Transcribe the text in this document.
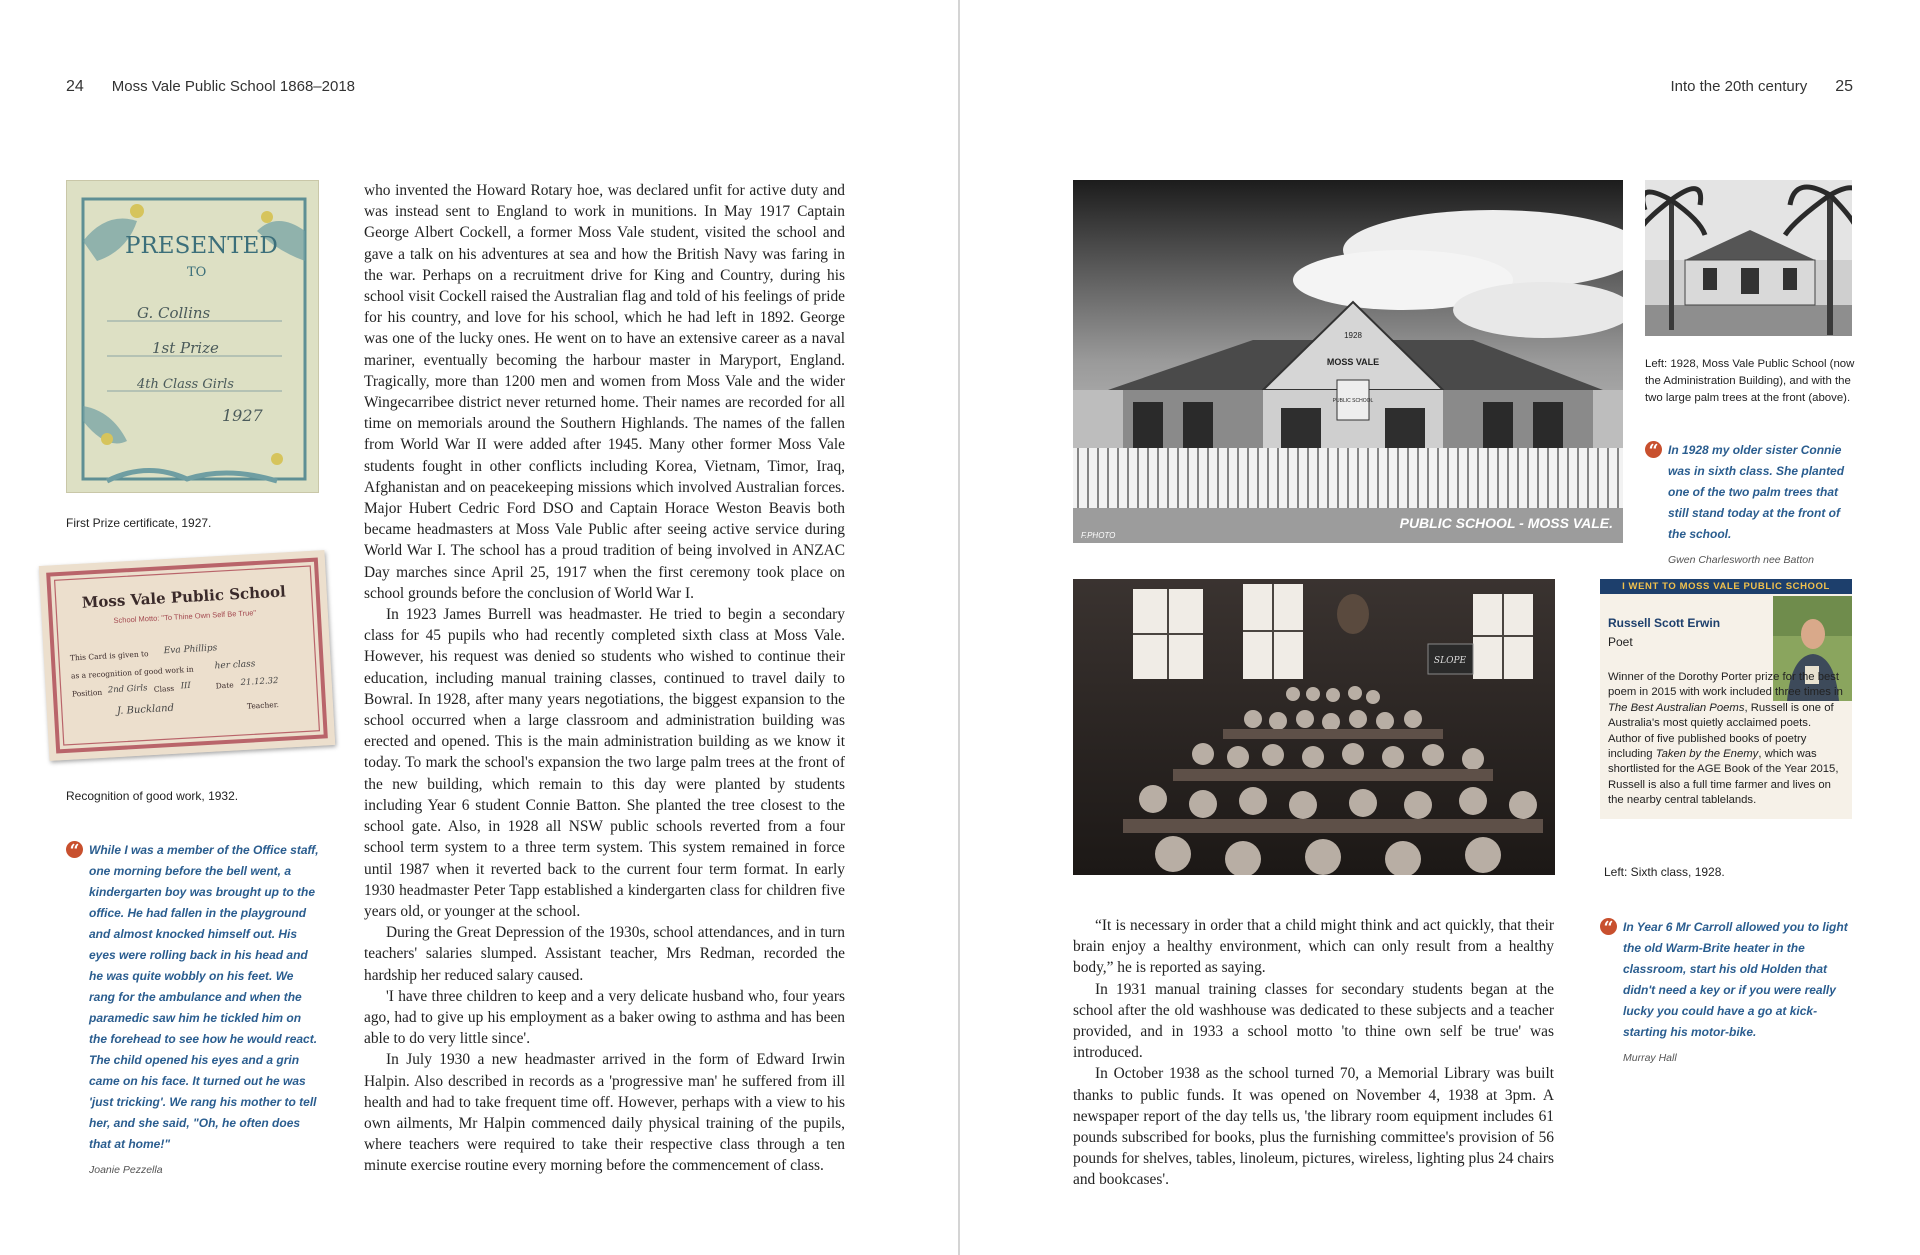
24 Moss Vale Public School 1868–2018	Into the 20th century 25
PRESENTED
TO
G. Collins
1st Prize
4th Class Girls
1927
First Prize certificate, 1927.
Moss Vale Public School
School Motto: "To Thine Own Self Be True"
This Card is given to Eva Phillips
as a recognition of good work in her class
Position 2nd Girls Class III	Date 21.12.32
J. Buckland	Teacher.
Recognition of good work, 1932.
“ While I was a member of the Office staff, one morning before the bell went, a kindergarten boy was brought up to the office. He had fallen in the playground and almost knocked himself out. His eyes were rolling back in his head and he was quite wobbly on his feet. We rang for the ambulance and when the paramedic saw him he tickled him on the forehead to see how he would react. The child opened his eyes and a grin came on his face. It turned out he was 'just tricking'. We rang his mother to tell her, and she said, "Oh, he often does that at home!"
Joanie Pezzella

who invented the Howard Rotary hoe, was declared unfit for active duty and was instead sent to England to work in munitions. In May 1917 Captain George Albert Cockell, a former Moss Vale student, visited the school and gave a talk on his adventures at sea and how the British Navy was faring in the war. Perhaps on a recruitment drive for King and Country, during his school visit Cockell raised the Australian flag and told of his feelings of pride for his country, and love for his school, which he had left in 1892. George was one of the lucky ones. He went on to have an extensive career as a naval mariner, eventually becoming the harbour master in Maryport, England. Tragically, more than 1200 men and women from Moss Vale and the wider Wingecarribee district never returned home. Their names are recorded for all time on memorials around the Southern Highlands. The names of the fallen from World War II were added after 1945. Many other former Moss Vale students fought in other conflicts including Korea, Vietnam, Timor, Iraq, Afghanistan and on peacekeeping missions which involved Australian forces. Major Hubert Cedric Ford DSO and Captain Horace Weston Beavis both became headmasters at Moss Vale Public after seeing active service during World War I. The school has a proud tradition of being involved in ANZAC Day marches since April 25, 1917 when the first ceremony took place on school grounds before the conclusion of World War I.

In 1923 James Burrell was headmaster. He tried to begin a secondary class for 45 pupils who had recently completed sixth class at Moss Vale. However, his request was denied so students who wished to continue their education, including manual training classes, continued to travel daily to Bowral. In 1928, after many years negotiations, the biggest expansion to the school occurred when a large classroom and administration building was erected and opened. This is the main administration building as we know it today. To mark the school's expansion the two large palm trees at the front of the new building, which remain to this day were planted by students including Year 6 student Connie Batton. She planted the tree closest to the school gate. Also, in 1928 all NSW public schools reverted from a four school term system to a three term system. This system remained in force until 1987 when it reverted back to the current four term format. In early 1930 headmaster Peter Tapp established a kindergarten class for children five years old, or younger at the school.

During the Great Depression of the 1930s, school attendances, and in turn teachers' salaries slumped. Assistant teacher, Mrs Redman, recorded the hardship her reduced salary caused.

'I have three children to keep and a very delicate husband who, four years ago, had to give up his employment as a baker owing to asthma and has been able to do very little since'.

In July 1930 a new headmaster arrived in the form of Edward Irwin Halpin. Also described in records as a 'progressive man' he suffered from ill health and had to take frequent time off. However, perhaps with a view to his own ailments, Mr Halpin commenced daily physical training of the pupils, where teachers were required to take their respective class through a ten minute exercise routine every morning before the commencement of class.

1928
MOSS VALE
PUBLIC SCHOOL
F.PHOTO
PUBLIC SCHOOL - MOSS VALE.
Left: 1928, Moss Vale Public School (now the Administration Building), and with the two large palm trees at the front (above).
“ In 1928 my older sister Connie was in sixth class. She planted one of the two palm trees that still stand today at the front of the school.
Gwen Charlesworth nee Batton
SLOPE
Left: Sixth class, 1928.
I WENT TO MOSS VALE PUBLIC SCHOOL
Russell Scott Erwin
Poet
Winner of the Dorothy Porter prize for the best poem in 2015 with work included three times in The Best Australian Poems, Russell is one of Australia's most quietly acclaimed poets. Author of five published books of poetry including Taken by the Enemy, which was shortlisted for the AGE Book of the Year 2015, Russell is also a full time farmer and lives on the nearby central tablelands.
“ In Year 6 Mr Carroll allowed you to light the old Warm-Brite heater in the classroom, start his old Holden that didn't need a key or if you were really lucky you could have a go at kick-starting his motor-bike.
Murray Hall

“It is necessary in order that a child might think and act quickly, that their brain enjoy a healthy environment, which can only result from a healthy body,” he is reported as saying.

In 1931 manual training classes for secondary students began at the school after the old washhouse was dedicated to these subjects and a teacher provided, and in 1933 a school motto 'to thine own self be true' was introduced.

In October 1938 as the school turned 70, a Memorial Library was built thanks to public funds. It was opened on November 4, 1938 at 3pm. A newspaper report of the day tells us, 'the library room equipment includes 61 pounds subscribed for books, plus the furnishing committee's provision of 56 pounds for shelves, tables, linoleum, pictures, wireless, lighting plus 24 chairs and bookcases'.
